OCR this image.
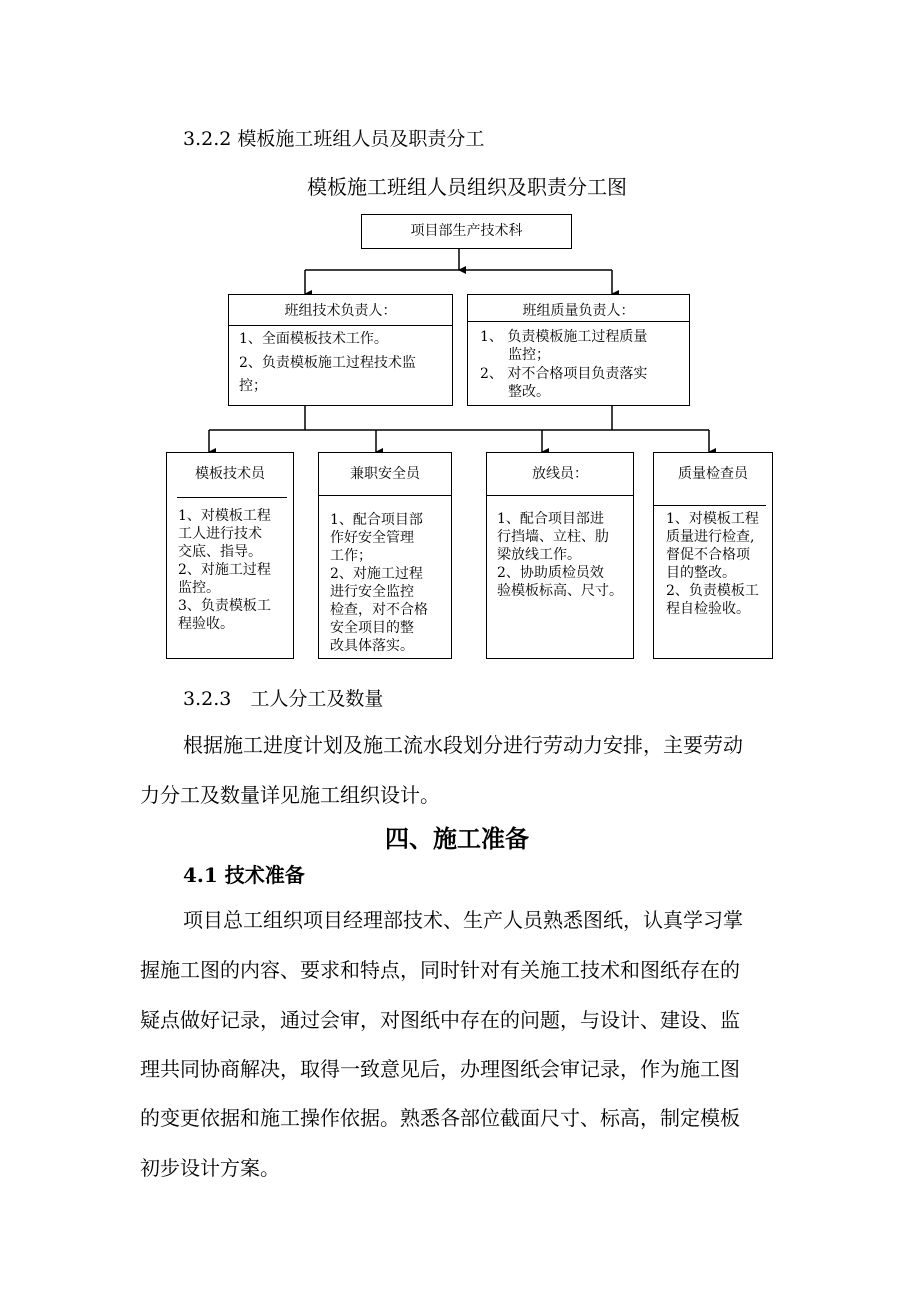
3.2.2 模板施工班组人员及职责分工
模板施工班组人员组织及职责分工图
项目部生产技术科
班组技术负责人：
1、全面模板技术工作。
2、负责模板施工过程技术监
控；
班组质量负责人：
1、 负责模板施工过程质量
监控；
2、 对不合格项目负责落实
整改。
模板技术员
1、对模板工程
工人进行技术
交底、指导。
2、对施工过程
监控。
3、负责模板工
程验收。
兼职安全员
1、配合项目部
作好安全管理
工作；
2、对施工过程
进行安全监控
检查，对不合格
安全项目的整
改具体落实。
放线员：
1、配合项目部进
行挡墙、立柱、肋
梁放线工作。
2、协助质检员效
验模板标高、尺寸。
质量检查员
1、对模板工程
质量进行检查,
督促不合格项
目的整改。
2、负责模板工
程自检验收。
3.2.3　工人分工及数量
根据施工进度计划及施工流水段划分进行劳动力安排，主要劳动
力分工及数量详见施工组织设计。
四、施工准备
4.1 技术准备
项目总工组织项目经理部技术、生产人员熟悉图纸，认真学习掌
握施工图的内容、要求和特点，同时针对有关施工技术和图纸存在的
疑点做好记录，通过会审，对图纸中存在的问题，与设计、建设、监
理共同协商解决，取得一致意见后，办理图纸会审记录，作为施工图
的变更依据和施工操作依据。熟悉各部位截面尺寸、标高，制定模板
初步设计方案。
